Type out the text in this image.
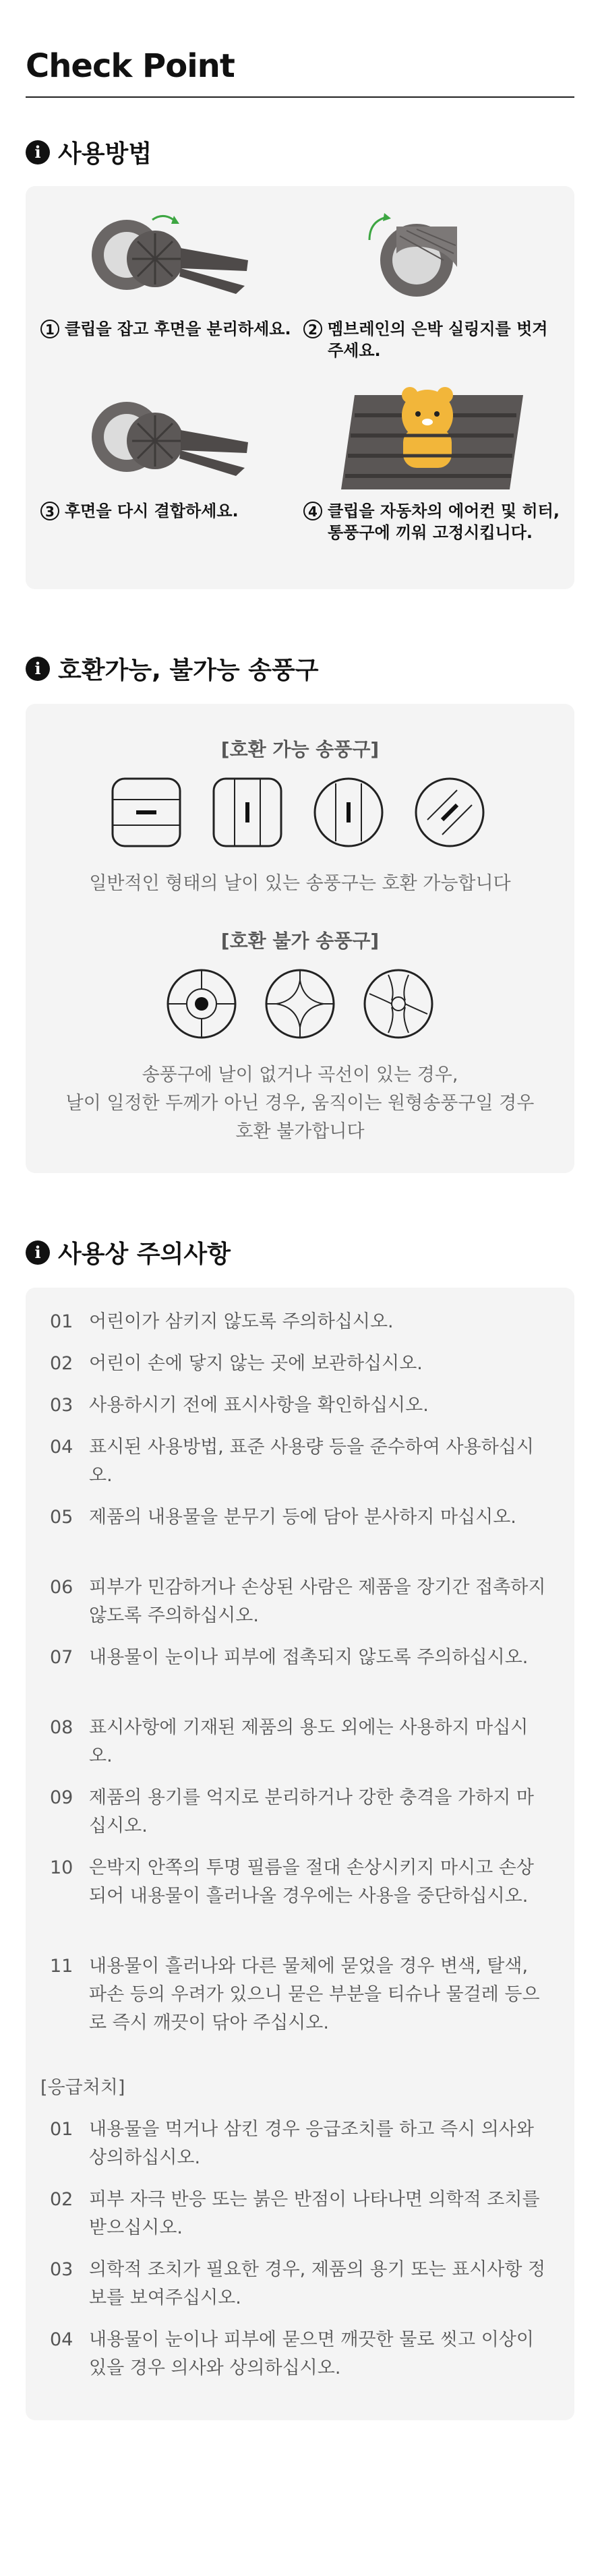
Check Point
i 사용방법
1 클립을 잡고 후면을 분리하세요.	2 멤브레인의 은박 실링지를 벗겨주세요.
3 후면을 다시 결합하세요.	4 클립을 자동차의 에어컨 및 히터, 통풍구에 끼워 고정시킵니다.
i 호환가능, 불가능 송풍구
[호환 가능 송풍구]
일반적인 형태의 날이 있는 송풍구는 호환 가능합니다
[호환 불가 송풍구]
송풍구에 날이 없거나 곡선이 있는 경우,
날이 일정한 두께가 아닌 경우, 움직이는 원형송풍구일 경우
호환 불가합니다
i 사용상 주의사항
01 어린이가 삼키지 않도록 주의하십시오.
02 어린이 손에 닿지 않는 곳에 보관하십시오.
03 사용하시기 전에 표시사항을 확인하십시오.
04 표시된 사용방법, 표준 사용량 등을 준수하여 사용하십시오.
05 제품의 내용물을 분무기 등에 담아 분사하지 마십시오.
06 피부가 민감하거나 손상된 사람은 제품을 장기간 접촉하지 않도록 주의하십시오.
07 내용물이 눈이나 피부에 접촉되지 않도록 주의하십시오.
08 표시사항에 기재된 제품의 용도 외에는 사용하지 마십시오.
09 제품의 용기를 억지로 분리하거나 강한 충격을 가하지 마십시오.
10 은박지 안쪽의 투명 필름을 절대 손상시키지 마시고 손상되어 내용물이 흘러나올 경우에는 사용을 중단하십시오.
11 내용물이 흘러나와 다른 물체에 묻었을 경우 변색, 탈색, 파손 등의 우려가 있으니 묻은 부분을 티슈나 물걸레 등으로 즉시 깨끗이 닦아 주십시오.
[응급처치]
01 내용물을 먹거나 삼킨 경우 응급조치를 하고 즉시 의사와 상의하십시오.
02 피부 자극 반응 또는 붉은 반점이 나타나면 의학적 조치를 받으십시오.
03 의학적 조치가 필요한 경우, 제품의 용기 또는 표시사항 정보를 보여주십시오.
04 내용물이 눈이나 피부에 묻으면 깨끗한 물로 씻고 이상이 있을 경우 의사와 상의하십시오.
